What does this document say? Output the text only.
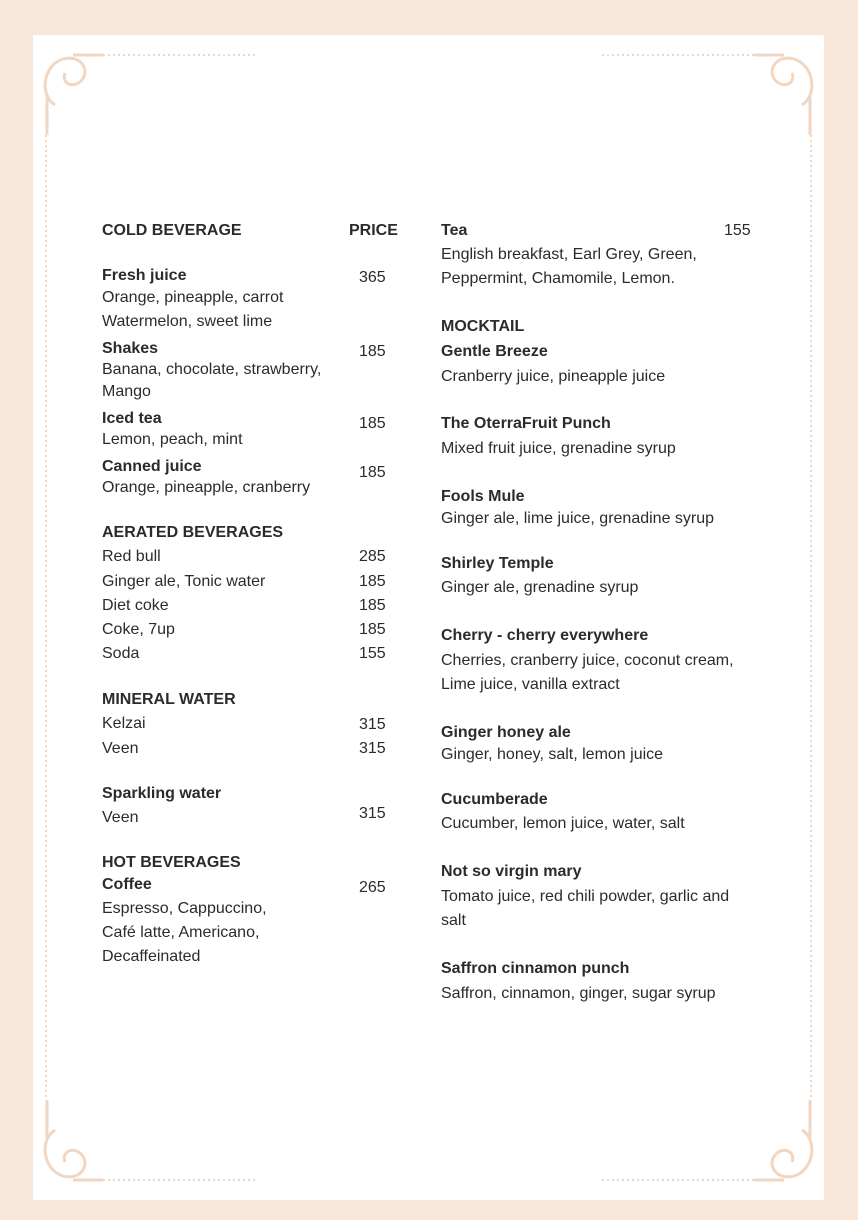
COLD BEVERAGE	PRICE
Fresh juice	365
Orange, pineapple, carrot
Watermelon, sweet lime
Shakes	185
Banana, chocolate, strawberry,
Mango
Iced tea	185
Lemon, peach, mint
Canned juice	185
Orange, pineapple, cranberry
AERATED BEVERAGES
Red bull	285
Ginger ale, Tonic water	185
Diet coke	185
Coke, 7up	185
Soda	155
MINERAL WATER
Kelzai	315
Veen	315
Sparkling water
Veen	315
HOT BEVERAGES
Coffee	265
Espresso, Cappuccino,
Café latte, Americano,
Decaffeinated
Tea	155
English breakfast, Earl Grey, Green,
Peppermint, Chamomile, Lemon.
MOCKTAIL
Gentle Breeze
Cranberry juice, pineapple juice
The OterraFruit Punch
Mixed fruit juice, grenadine syrup
Fools Mule
Ginger ale, lime juice, grenadine syrup
Shirley Temple
Ginger ale, grenadine syrup
Cherry - cherry everywhere
Cherries, cranberry juice, coconut cream,
Lime juice, vanilla extract
Ginger honey ale
Ginger, honey, salt, lemon juice
Cucumberade
Cucumber, lemon juice, water, salt
Not so virgin mary
Tomato juice, red chili powder, garlic and
salt
Saffron cinnamon punch
Saffron, cinnamon, ginger, sugar syrup
